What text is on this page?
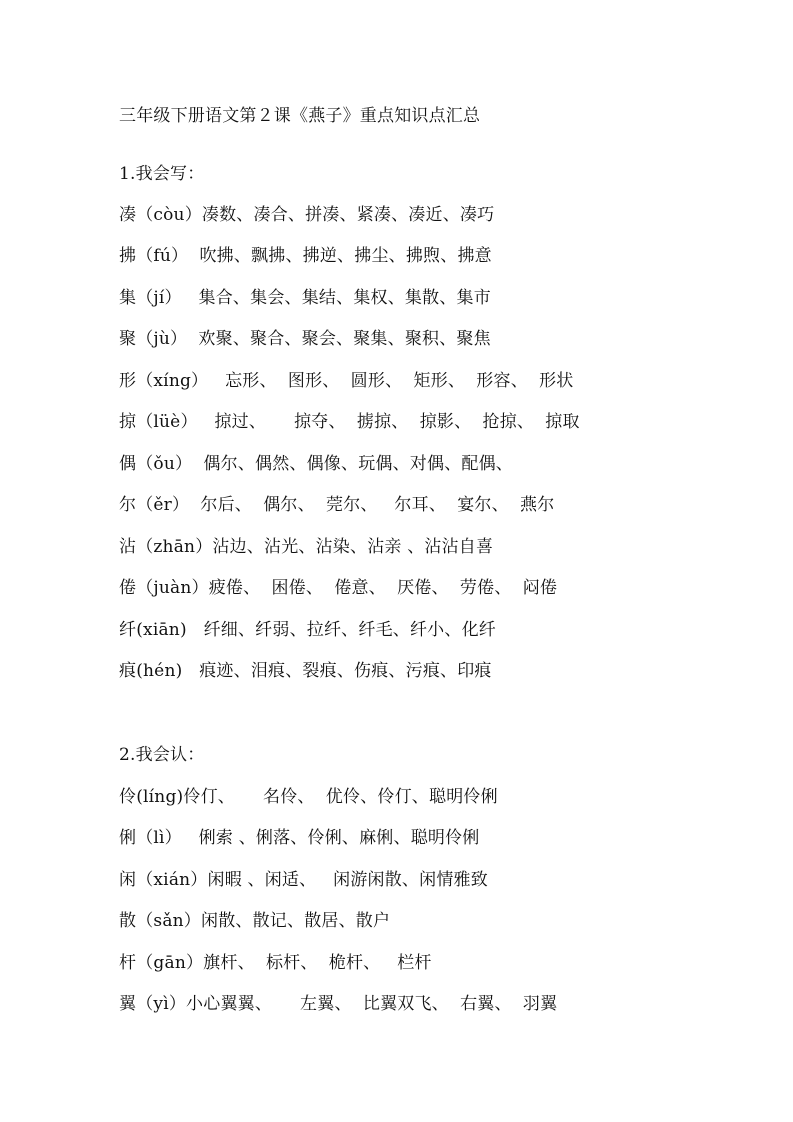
三年级下册语文第２课《燕子》重点知识点汇总
1.我会写：
凑（còu）凑数、凑合、拼凑、紧凑、凑近、凑巧
拂（fú）  吹拂、飘拂、拂逆、拂尘、拂煦、拂意
集（jí）   集合、集会、集结、集权、集散、集市
聚（jù）  欢聚、聚合、聚会、聚集、聚积、聚焦
形（xíng）   忘形、  图形、  圆形、  矩形、  形容、  形状
掠（lüè）   掠过、     掠夺、  掳掠、  掠影、  抢掠、  掠取
偶（ǒu）  偶尔、偶然、偶像、玩偶、对偶、配偶、
尔（ěr）  尔后、  偶尔、  莞尔、   尔耳、  宴尔、  燕尔
沾（zhān）沾边、沾光、沾染、沾亲 、沾沾自喜
倦（juàn）疲倦、  困倦、  倦意、  厌倦、  劳倦、  闷倦
纤(xiān)   纤细、纤弱、拉纤、纤毛、纤小、化纤
痕(hén)   痕迹、泪痕、裂痕、伤痕、污痕、印痕
2.我会认：
伶(líng)伶仃、     名伶、  优伶、伶仃、聪明伶俐
俐（lì）   俐索 、俐落、伶俐、麻俐、聪明伶俐
闲（xián）闲暇 、闲适、   闲游闲散、闲情雅致
散（sǎn）闲散、散记、散居、散户
杆（gān）旗杆、  标杆、  桅杆、   栏杆
翼（yì）小心翼翼、     左翼、  比翼双飞、  右翼、  羽翼
